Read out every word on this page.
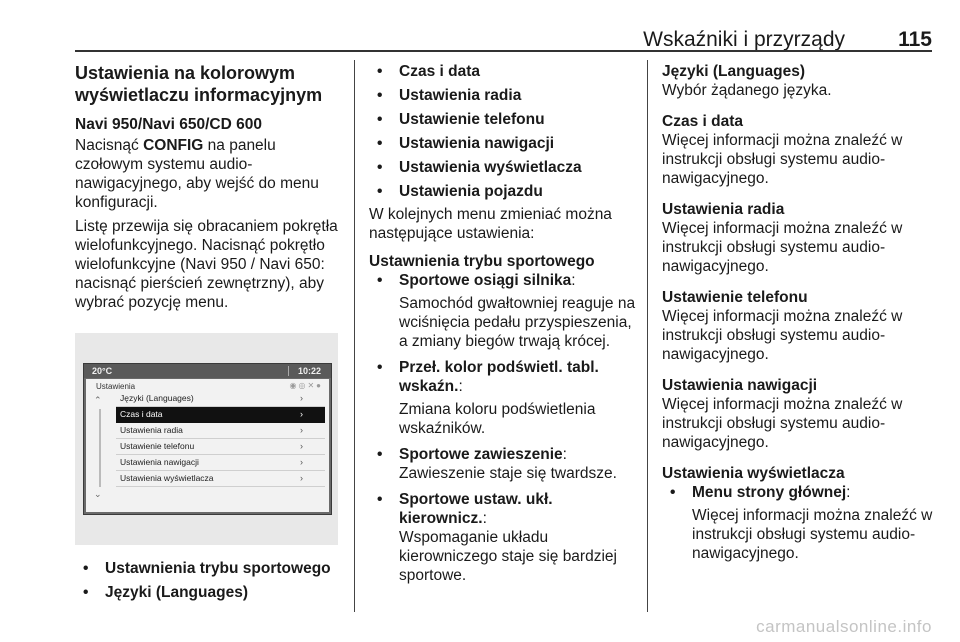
Wskaźniki i przyrządy	115

Ustawienia na kolorowym wyświetlaczu informacyjnym

Navi 950/Navi 650/CD 600

Nacisnąć CONFIG na panelu czołowym systemu audio-nawigacyjnego, aby wejść do menu konfiguracji.

Listę przewija się obracaniem pokrętła wielofunkcyjnego. Nacisnąć pokrętło wielofunkcyjne (Navi 950 / Navi 650: nacisnąć pierścień zewnętrzny), aby wybrać pozycję menu.

20°C	10:22
Ustawienia	◉◎✕●
⌃
⌄
Języki (Languages)	›
Czas i data	›
Ustawienia radia	›
Ustawienie telefonu	›
Ustawienia nawigacji	›
Ustawienia wyświetlacza	›

• Ustawnienia trybu sportowego

• Języki (Languages)

• Czas i data

• Ustawienia radia

• Ustawienie telefonu

• Ustawienia nawigacji

• Ustawienia wyświetlacza

• Ustawienia pojazdu

W kolejnych menu zmieniać można następujące ustawienia:

Ustawnienia trybu sportowego

• Sportowe osiągi silnika:

Samochód gwałtowniej reaguje na wciśnięcia pedału przyspieszenia, a zmiany biegów trwają krócej.

• Przeł. kolor podświetl. tabl. wskaźn.:

Zmiana koloru podświetlenia wskaźników.

• Sportowe zawieszenie:

Zawieszenie staje się twardsze.

• Sportowe ustaw. ukł. kierownicz.:

Wspomaganie układu kierowniczego staje się bardziej sportowe.

Języki (Languages)

Wybór żądanego języka.

Czas i data

Więcej informacji można znaleźć w instrukcji obsługi systemu audio-nawigacyjnego.

Ustawienia radia

Więcej informacji można znaleźć w instrukcji obsługi systemu audio-nawigacyjnego.

Ustawienie telefonu

Więcej informacji można znaleźć w instrukcji obsługi systemu audio-nawigacyjnego.

Ustawienia nawigacji

Więcej informacji można znaleźć w instrukcji obsługi systemu audio-nawigacyjnego.

Ustawienia wyświetlacza

• Menu strony głównej:

Więcej informacji można znaleźć w instrukcji obsługi systemu audio-nawigacyjnego.

carmanualsonline.info
